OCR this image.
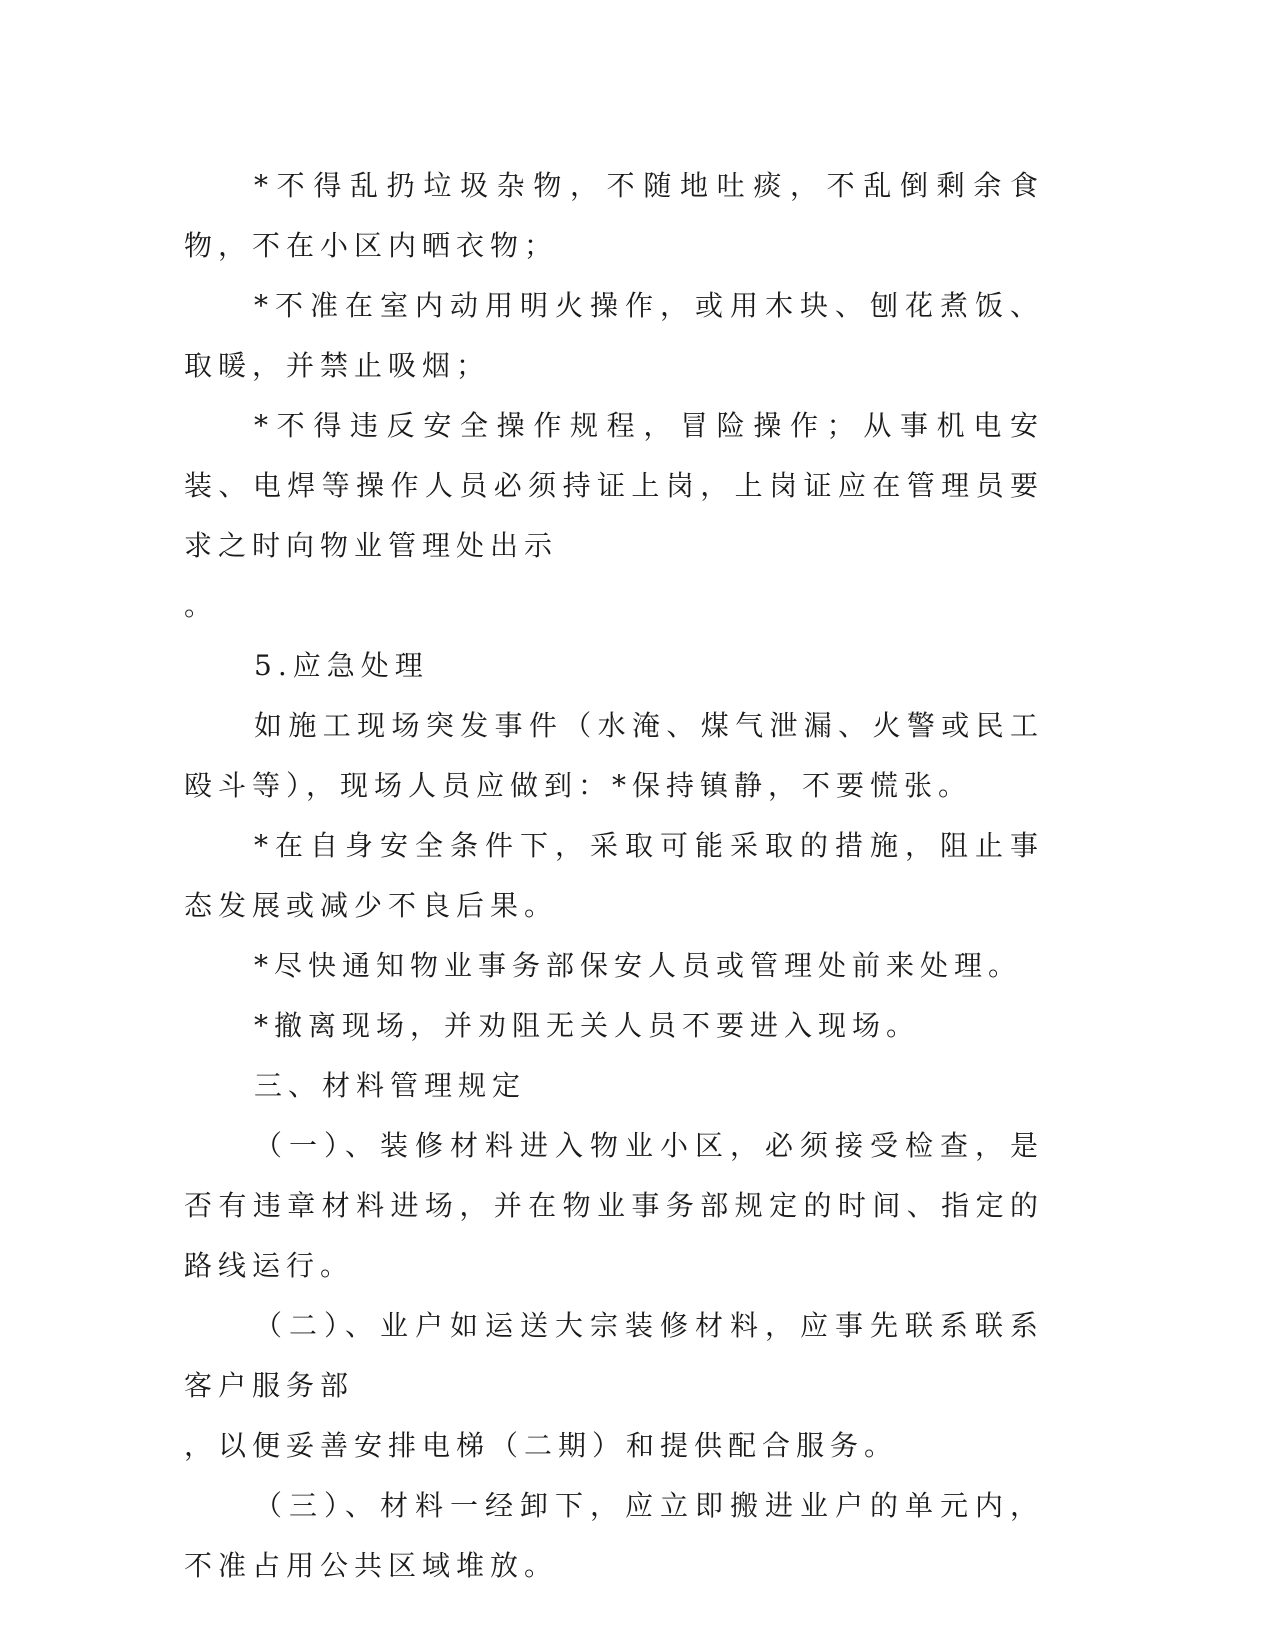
*不得乱扔垃圾杂物，不随地吐痰，不乱倒剩余食物，不在小区内晒衣物；

*不准在室内动用明火操作，或用木块、刨花煮饭、取暖，并禁止吸烟；

*不得违反安全操作规程，冒险操作；从事机电安装、电焊等操作人员必须持证上岗，上岗证应在管理员要求之时向物业管理处出示

。

5.应急处理

如施工现场突发事件（水淹、煤气泄漏、火警或民工殴斗等），现场人员应做到：*保持镇静，不要慌张。

*在自身安全条件下，采取可能采取的措施，阻止事态发展或减少不良后果。

*尽快通知物业事务部保安人员或管理处前来处理。

*撤离现场，并劝阻无关人员不要进入现场。

三、材料管理规定

（一）、装修材料进入物业小区，必须接受检查，是否有违章材料进场，并在物业事务部规定的时间、指定的路线运行。

（二）、业户如运送大宗装修材料，应事先联系联系客户服务部

，以便妥善安排电梯（二期）和提供配合服务。

（三）、材料一经卸下，应立即搬进业户的单元内，不准占用公共区域堆放。
